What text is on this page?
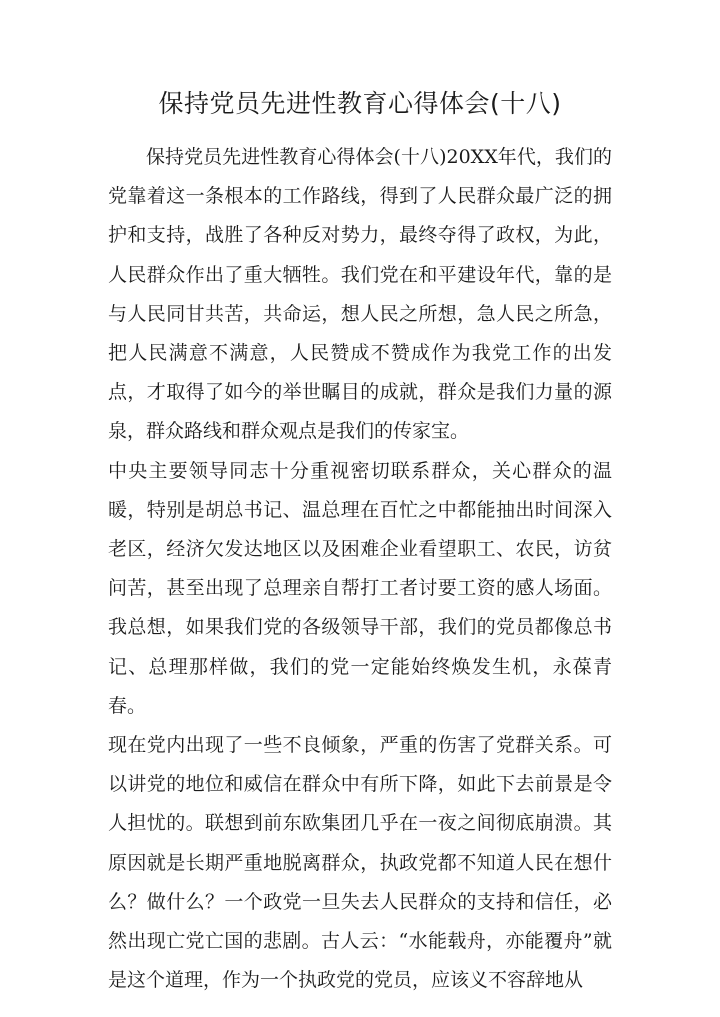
保持党员先进性教育心得体会(十八)

保持党员先进性教育心得体会(十八)20XX年代，我们的党靠着这一条根本的工作路线，得到了人民群众最广泛的拥护和支持，战胜了各种反对势力，最终夺得了政权，为此，人民群众作出了重大牺牲。我们党在和平建设年代，靠的是与人民同甘共苦，共命运，想人民之所想，急人民之所急，把人民满意不满意，人民赞成不赞成作为我党工作的出发点，才取得了如今的举世瞩目的成就，群众是我们力量的源泉，群众路线和群众观点是我们的传家宝。

中央主要领导同志十分重视密切联系群众，关心群众的温暖，特别是胡总书记、温总理在百忙之中都能抽出时间深入老区，经济欠发达地区以及困难企业看望职工、农民，访贫问苦，甚至出现了总理亲自帮打工者讨要工资的感人场面。我总想，如果我们党的各级领导干部，我们的党员都像总书记、总理那样做，我们的党一定能始终焕发生机，永葆青春。

现在党内出现了一些不良倾象，严重的伤害了党群关系。可以讲党的地位和威信在群众中有所下降，如此下去前景是令人担忧的。联想到前东欧集团几乎在一夜之间彻底崩溃。其原因就是长期严重地脱离群众，执政党都不知道人民在想什么？做什么？一个政党一旦失去人民群众的支持和信任，必然出现亡党亡国的悲剧。古人云：“水能载舟，亦能覆舟”就是这个道理，作为一个执政党的党员，应该义不容辞地从
